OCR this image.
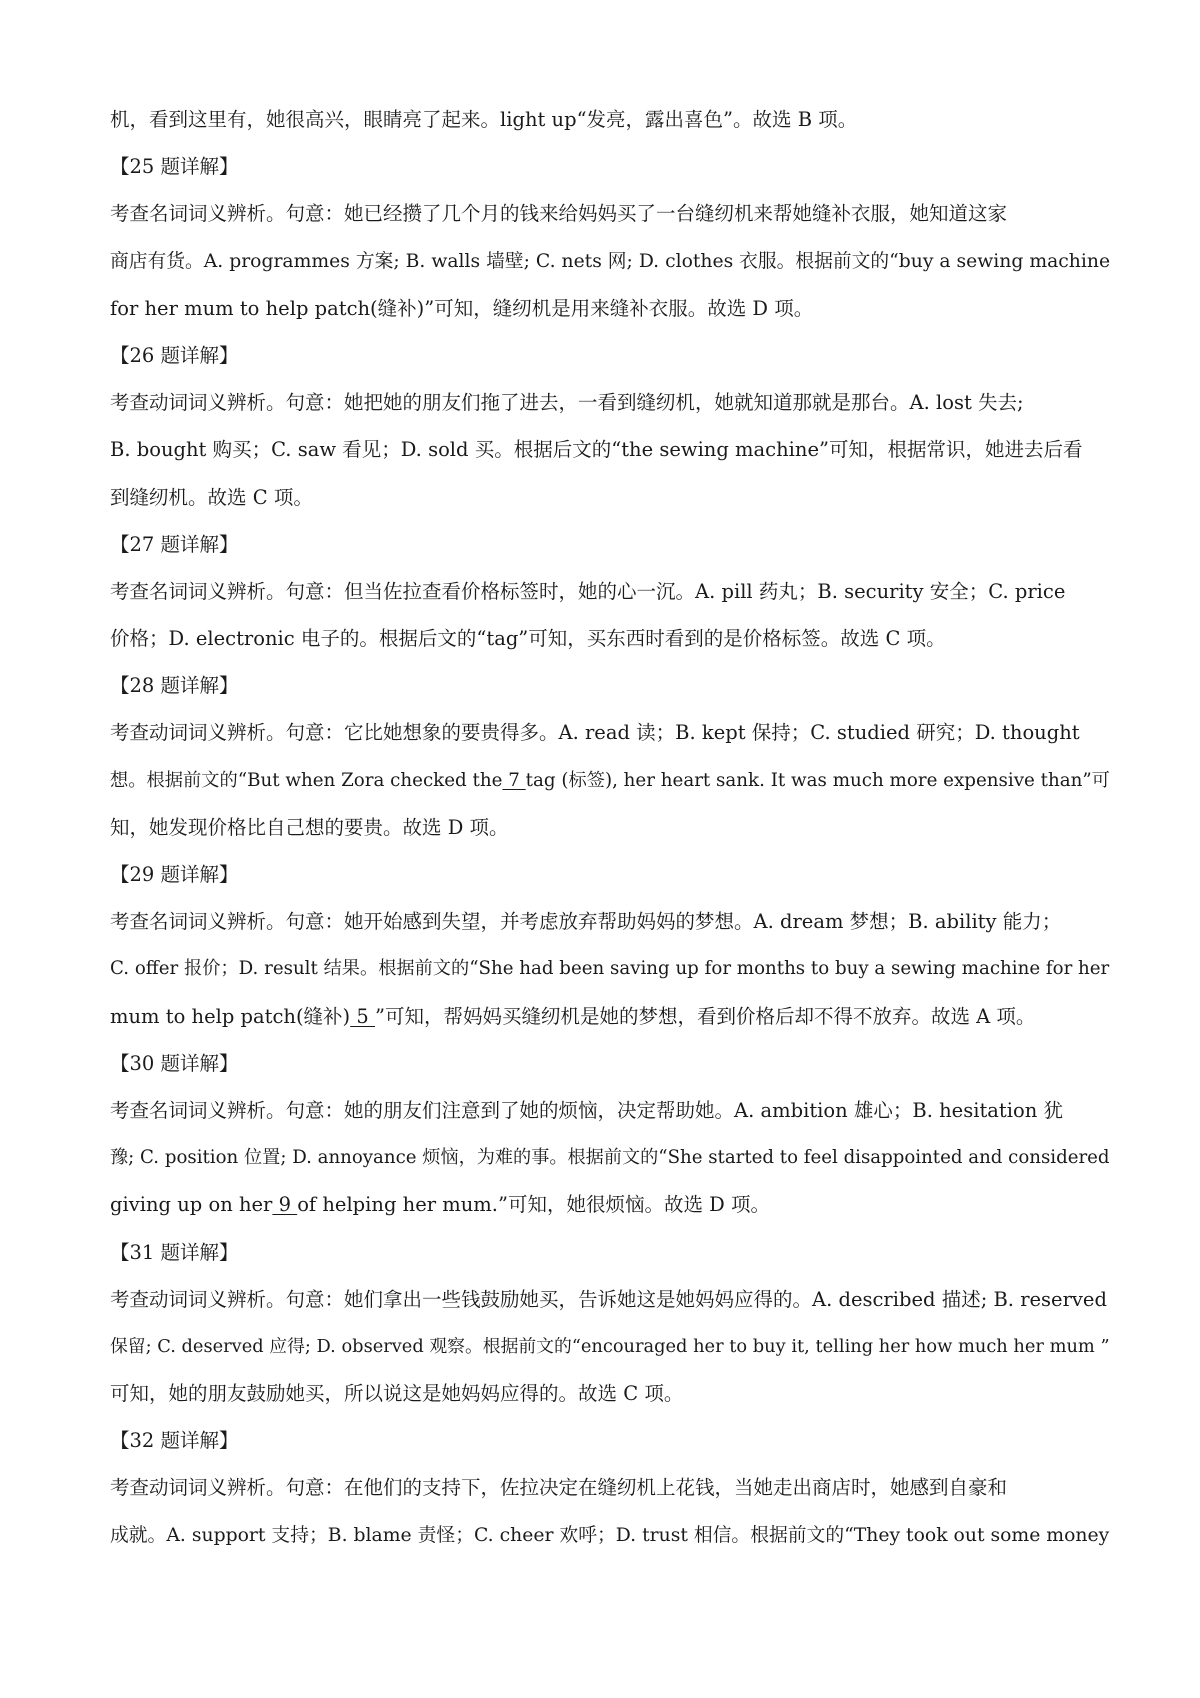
机，看到这里有，她很高兴，眼睛亮了起来。light up“发亮，露出喜色”。故选 B 项。
【25 题详解】
考查名词词义辨析。句意：她已经攒了几个月的钱来给妈妈买了一台缝纫机来帮她缝补衣服，她知道这家
商店有货。A. programmes 方案; B. walls 墙壁; C. nets 网; D. clothes 衣服。根据前文的“buy a sewing machine
for her mum to help patch(缝补)”可知，缝纫机是用来缝补衣服。故选 D 项。
【26 题详解】
考查动词词义辨析。句意：她把她的朋友们拖了进去，一看到缝纫机，她就知道那就是那台。A. lost 失去;
B. bought 购买；C. saw 看见；D. sold 买。根据后文的“the sewing machine”可知，根据常识，她进去后看
到缝纫机。故选 C 项。
【27 题详解】
考查名词词义辨析。句意：但当佐拉查看价格标签时，她的心一沉。A. pill 药丸；B. security 安全；C. price
价格；D. electronic 电子的。根据后文的“tag”可知，买东西时看到的是价格标签。故选 C 项。
【28 题详解】
考查动词词义辨析。句意：它比她想象的要贵得多。A. read 读；B. kept 保持；C. studied 研究；D. thought
想。根据前文的“But when Zora checked the 7 tag (标签), her heart sank. It was much more expensive than”可
知，她发现价格比自己想的要贵。故选 D 项。
【29 题详解】
考查名词词义辨析。句意：她开始感到失望，并考虑放弃帮助妈妈的梦想。A. dream 梦想；B. ability 能力；
C. offer 报价；D. result 结果。根据前文的“She had been saving up for months to buy a sewing machine for her
mum to help patch(缝补) 5 ”可知，帮妈妈买缝纫机是她的梦想，看到价格后却不得不放弃。故选 A 项。
【30 题详解】
考查名词词义辨析。句意：她的朋友们注意到了她的烦恼，决定帮助她。A. ambition 雄心；B. hesitation 犹
豫; C. position 位置; D. annoyance 烦恼，为难的事。根据前文的“She started to feel disappointed and considered
giving up on her 9 of helping her mum.”可知，她很烦恼。故选 D 项。
【31 题详解】
考查动词词义辨析。句意：她们拿出一些钱鼓励她买，告诉她这是她妈妈应得的。A. described 描述; B. reserved
保留; C. deserved 应得; D. observed 观察。根据前文的“encouraged her to buy it, telling her how much her mum ”
可知，她的朋友鼓励她买，所以说这是她妈妈应得的。故选 C 项。
【32 题详解】
考查动词词义辨析。句意：在他们的支持下，佐拉决定在缝纫机上花钱，当她走出商店时，她感到自豪和
成就。A. support 支持；B. blame 责怪；C. cheer 欢呼；D. trust 相信。根据前文的“They took out some money
